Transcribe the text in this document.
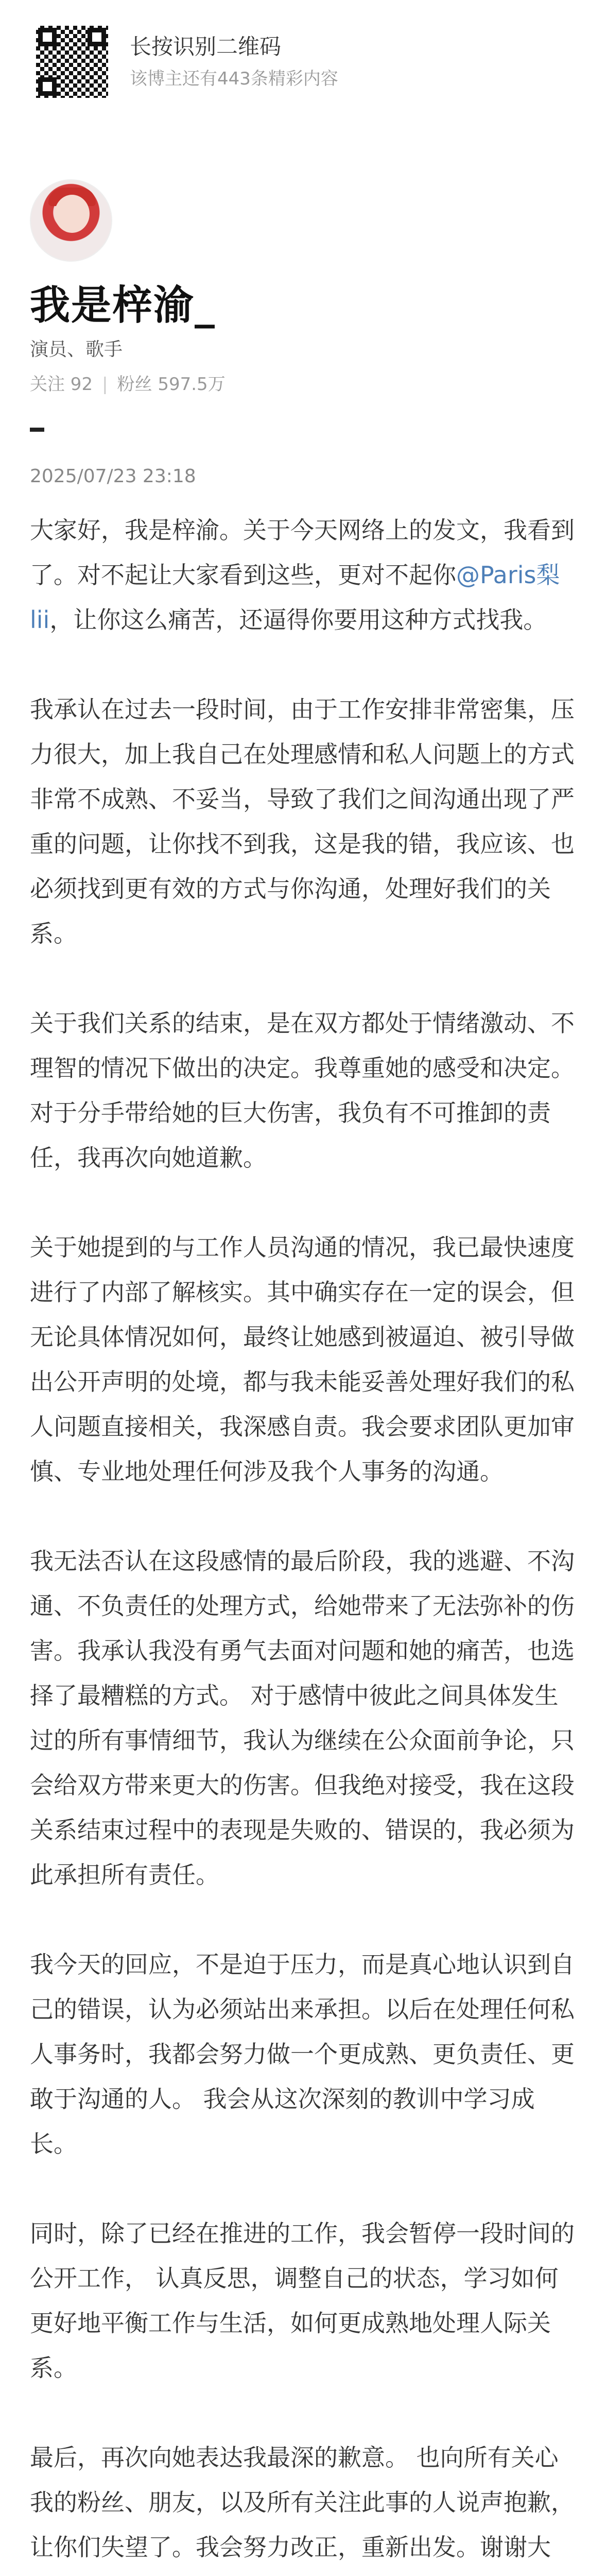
长按识别二维码
该博主还有443条精彩内容
我是梓渝_
演员、歌手
关注 92 | 粉丝 597.5万
2025/07/23 23:18

大家好，我是梓渝。关于今天网络上的发文，我看到了。对不起让大家看到这些，更对不起你@Paris梨lii，让你这么痛苦，还逼得你要用这种方式找我。

我承认在过去一段时间，由于工作安排非常密集，压力很大，加上我自己在处理感情和私人问题上的方式非常不成熟、不妥当，导致了我们之间沟通出现了严重的问题，让你找不到我，这是我的错，我应该、也必须找到更有效的方式与你沟通，处理好我们的关系。

关于我们关系的结束，是在双方都处于情绪激动、不理智的情况下做出的决定。我尊重她的感受和决定。 对于分手带给她的巨大伤害，我负有不可推卸的责任，我再次向她道歉。

关于她提到的与工作人员沟通的情况，我已最快速度进行了内部了解核实。其中确实存在一定的误会，但无论具体情况如何，最终让她感到被逼迫、被引导做出公开声明的处境，都与我未能妥善处理好我们的私人问题直接相关，我深感自责。我会要求团队更加审慎、专业地处理任何涉及我个人事务的沟通。

我无法否认在这段感情的最后阶段，我的逃避、不沟通、不负责任的处理方式，给她带来了无法弥补的伤害。我承认我没有勇气去面对问题和她的痛苦，也选择了最糟糕的方式。 对于感情中彼此之间具体发生过的所有事情细节，我认为继续在公众面前争论，只会给双方带来更大的伤害。但我绝对接受，我在这段关系结束过程中的表现是失败的、错误的，我必须为此承担所有责任。

我今天的回应，不是迫于压力，而是真心地认识到自己的错误，认为必须站出来承担。以后在处理任何私人事务时，我都会努力做一个更成熟、更负责任、更敢于沟通的人。 我会从这次深刻的教训中学习成长。

同时，除了已经在推进的工作，我会暂停一段时间的公开工作， 认真反思，调整自己的状态，学习如何更好地平衡工作与生活，如何更成熟地处理人际关系。

最后，再次向她表达我最深的歉意。 也向所有关心我的粉丝、朋友，以及所有关注此事的人说声抱歉，让你们失望了。我会努力改正，重新出发。谢谢大
